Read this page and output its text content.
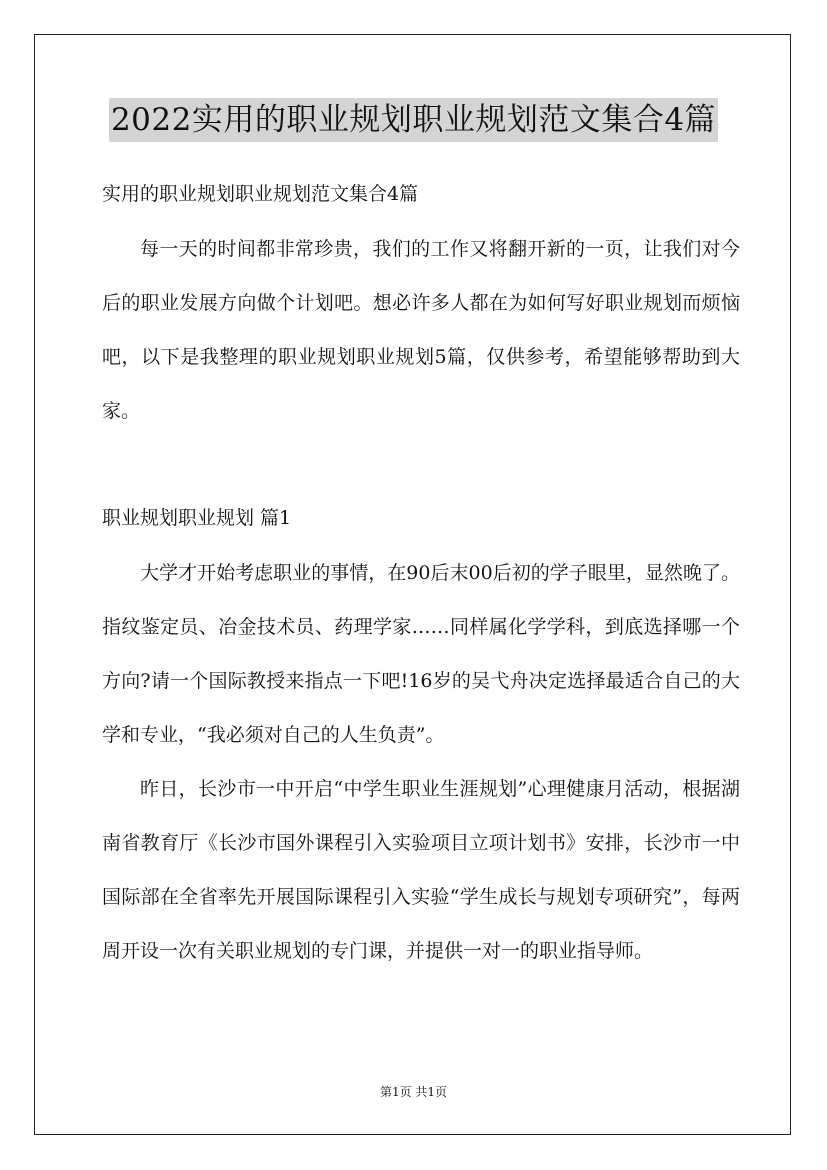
2022实用的职业规划职业规划范文集合4篇

实用的职业规划职业规划范文集合4篇

每一天的时间都非常珍贵，我们的工作又将翻开新的一页，让我们对今后的职业发展方向做个计划吧。想必许多人都在为如何写好职业规划而烦恼吧，以下是我整理的职业规划职业规划5篇，仅供参考，希望能够帮助到大家。

职业规划职业规划 篇1

大学才开始考虑职业的事情，在90后末00后初的学子眼里，显然晚了。指纹鉴定员、冶金技术员、药理学家……同样属化学学科，到底选择哪一个方向?请一个国际教授来指点一下吧!16岁的吴弋舟决定选择最适合自己的大学和专业，“我必须对自己的人生负责”。

昨日，长沙市一中开启“中学生职业生涯规划”心理健康月活动，根据湖南省教育厅《长沙市国外课程引入实验项目立项计划书》安排，长沙市一中国际部在全省率先开展国际课程引入实验“学生成长与规划专项研究”，每两周开设一次有关职业规划的专门课，并提供一对一的职业指导师。

第1页 共1页
